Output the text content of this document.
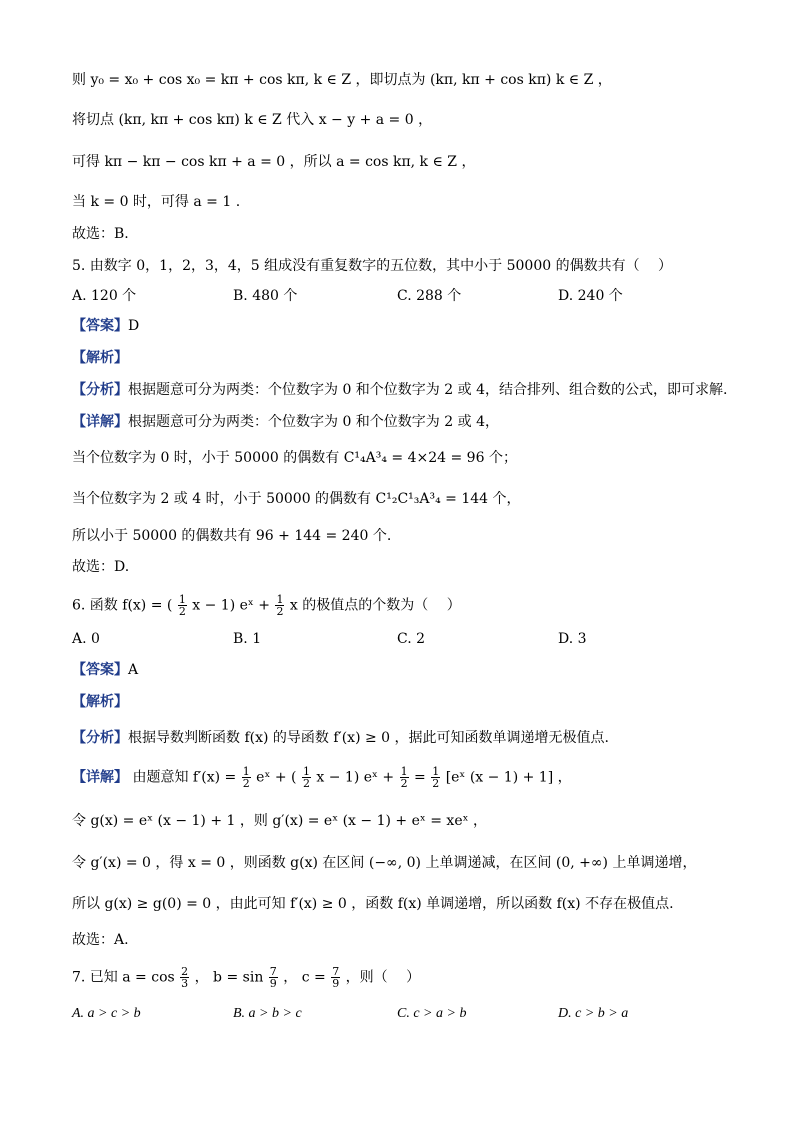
则 y₀ = x₀ + cos x₀ = kπ + cos kπ, k ∈ Z ，即切点为 (kπ, kπ + cos kπ) k ∈ Z ，
将切点 (kπ, kπ + cos kπ) k ∈ Z 代入 x − y + a = 0 ，
可得 kπ − kπ − cos kπ + a = 0 ，所以 a = cos kπ, k ∈ Z ，
当 k = 0 时，可得 a = 1 .
故选：B.
5. 由数字 0，1，2，3，4，5 组成没有重复数字的五位数，其中小于 50000 的偶数共有（　 ）
A. 120 个	B. 480 个	C. 288 个	D. 240 个
【答案】D
【解析】
【分析】根据题意可分为两类：个位数字为 0 和个位数字为 2 或 4，结合排列、组合数的公式，即可求解.
【详解】根据题意可分为两类：个位数字为 0 和个位数字为 2 或 4，
当个位数字为 0 时，小于 50000 的偶数有 C¹₄A³₄ = 4×24 = 96 个；
当个位数字为 2 或 4 时，小于 50000 的偶数有 C¹₂C¹₃A³₄ = 144 个，
所以小于 50000 的偶数共有 96 + 144 = 240 个.
故选：D.
6. 函数 f(x) = ( $\frac{1}{2}$ x − 1) eˣ + $\frac{1}{2}$ x 的极值点的个数为（　 ）
A. 0	B. 1	C. 2	D. 3
【答案】A
【解析】
【分析】根据导数判断函数 f(x) 的导函数 f′(x) ≥ 0 ，据此可知函数单调递增无极值点.
【详解】 由题意知 $f'(x) = \frac{1}{2}$ eˣ + ( $\frac{1}{2}$ x − 1) eˣ + $\frac{1}{2} = \frac{1}{2}$ [eˣ (x − 1) + 1] ，
令 g(x) = eˣ (x − 1) + 1 ，则 g′(x) = eˣ (x − 1) + eˣ = xeˣ ，
令 g′(x) = 0 ，得 x = 0 ，则函数 g(x) 在区间 (−∞, 0) 上单调递减，在区间 (0, +∞) 上单调递增，
所以 g(x) ≥ g(0) = 0 ，由此可知 f′(x) ≥ 0 ，函数 f(x) 单调递增，所以函数 f(x) 不存在极值点.
故选：A.
7. 已知 $a = \cos \frac{2}{3}$ ， $b = \sin \frac{7}{9}$ ， $c = \frac{7}{9}$ ，则（　 ）
A. a > c > b	B. a > b > c	C. c > a > b	D. c > b > a
